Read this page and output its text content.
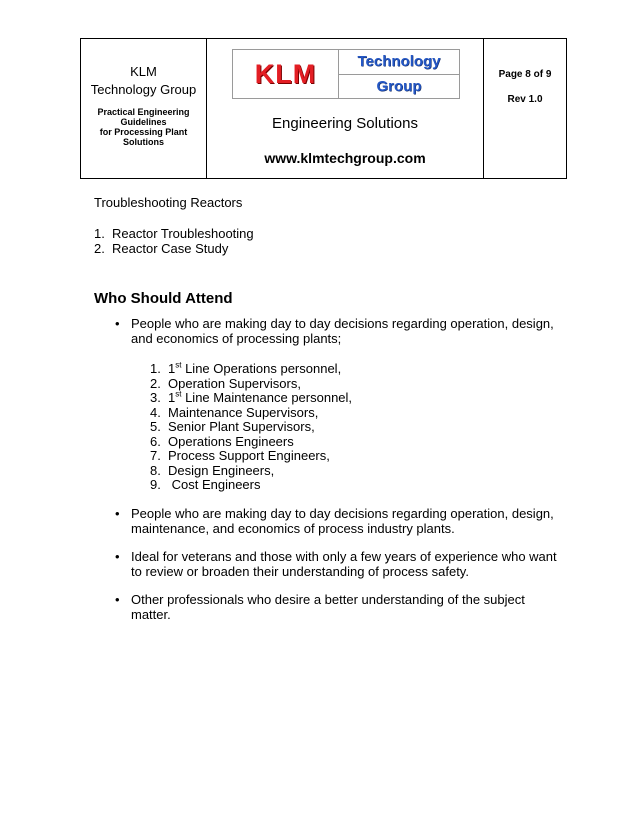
KLM
Technology Group
Practical Engineering
Guidelines
for Processing Plant
Solutions
KLM	Technology
Group
Engineering Solutions
www.klmtechgroup.com
Page 8 of 9
Rev 1.0

Troubleshooting Reactors

1. Reactor Troubleshooting
2. Reactor Case Study
Who Should Attend
• People who are making day to day decisions regarding operation, design, and economics of processing plants;
1. 1st Line Operations personnel,
2. Operation Supervisors,
3. 1st Line Maintenance personnel,
4. Maintenance Supervisors,
5. Senior Plant Supervisors,
6. Operations Engineers
7. Process Support Engineers,
8. Design Engineers,
9. Cost Engineers
• People who are making day to day decisions regarding operation, design, maintenance, and economics of process industry plants.
• Ideal for veterans and those with only a few years of experience who want to review or broaden their understanding of process safety.
• Other professionals who desire a better understanding of the subject matter.
